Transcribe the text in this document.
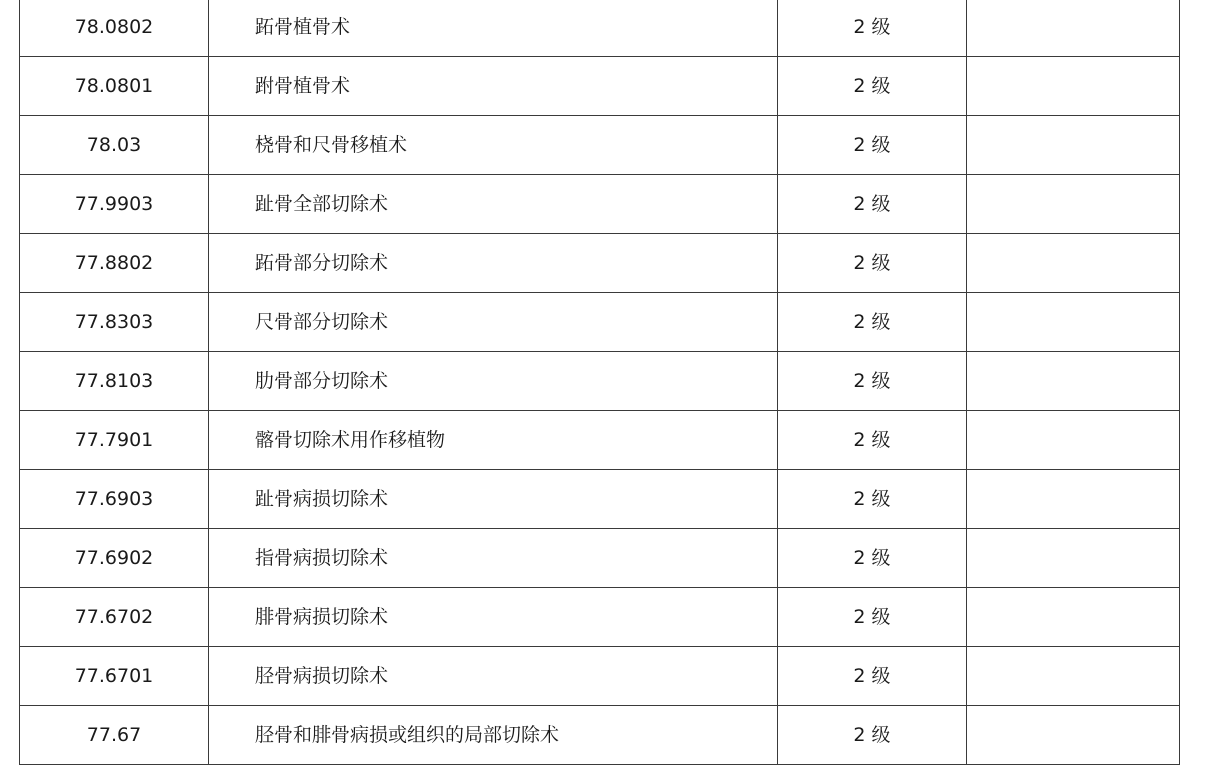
78.0802	跖骨植骨术	2 级	
78.0801	跗骨植骨术	2 级	
78.03	桡骨和尺骨移植术	2 级	
77.9903	趾骨全部切除术	2 级	
77.8802	跖骨部分切除术	2 级	
77.8303	尺骨部分切除术	2 级	
77.8103	肋骨部分切除术	2 级	
77.7901	髂骨切除术用作移植物	2 级	
77.6903	趾骨病损切除术	2 级	
77.6902	指骨病损切除术	2 级	
77.6702	腓骨病损切除术	2 级	
77.6701	胫骨病损切除术	2 级	
77.67	胫骨和腓骨病损或组织的局部切除术	2 级	
